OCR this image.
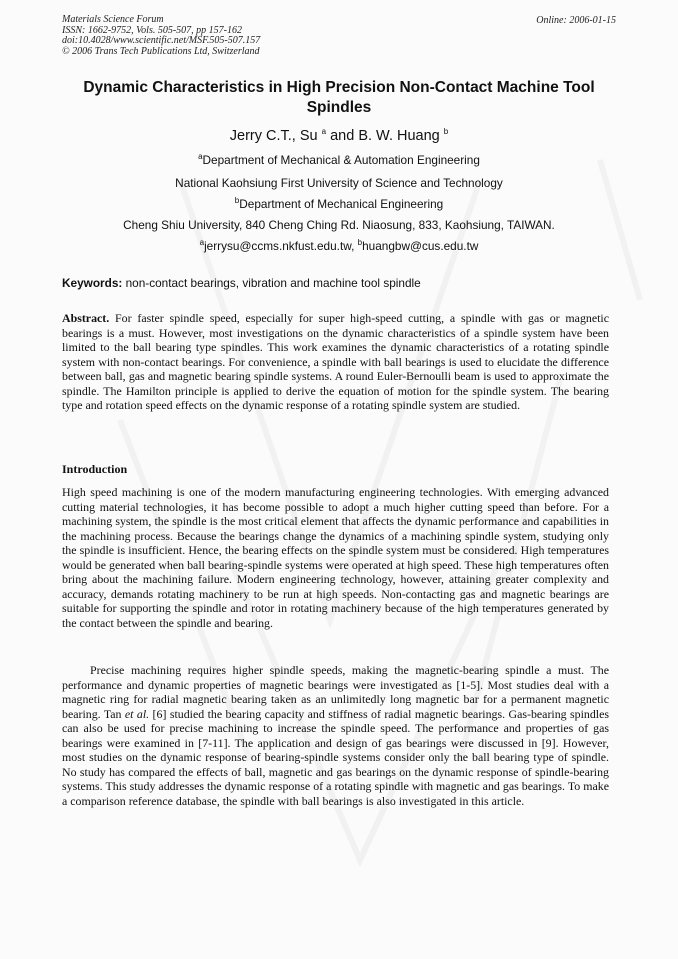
Materials Science Forum
ISSN: 1662-9752, Vols. 505-507, pp 157-162
doi:10.4028/www.scientific.net/MSF.505-507.157
© 2006 Trans Tech Publications Ltd, Switzerland
Online: 2006-01-15
Dynamic Characteristics in High Precision Non-Contact Machine Tool Spindles
Jerry C.T., Su $^a$ and B. W. Huang $^b$
$^a$Department of Mechanical & Automation Engineering
National Kaohsiung First University of Science and Technology
$^b$Department of Mechanical Engineering
Cheng Shiu University, 840 Cheng Ching Rd. Niaosung, 833, Kaohsiung, TAIWAN.
$^a$jerrysu@ccms.nkfust.edu.tw, $^b$huangbw@cus.edu.tw
Keywords: non-contact bearings, vibration and machine tool spindle
Abstract. For faster spindle speed, especially for super high-speed cutting, a spindle with gas or magnetic bearings is a must. However, most investigations on the dynamic characteristics of a spindle system have been limited to the ball bearing type spindles. This work examines the dynamic characteristics of a rotating spindle system with non-contact bearings. For convenience, a spindle with ball bearings is used to elucidate the difference between ball, gas and magnetic bearing spindle systems. A round Euler-Bernoulli beam is used to approximate the spindle. The Hamilton principle is applied to derive the equation of motion for the spindle system. The bearing type and rotation speed effects on the dynamic response of a rotating spindle system are studied.
Introduction
High speed machining is one of the modern manufacturing engineering technologies. With emerging advanced cutting material technologies, it has become possible to adopt a much higher cutting speed than before. For a machining system, the spindle is the most critical element that affects the dynamic performance and capabilities in the machining process. Because the bearings change the dynamics of a machining spindle system, studying only the spindle is insufficient. Hence, the bearing effects on the spindle system must be considered. High temperatures would be generated when ball bearing-spindle systems were operated at high speed. These high temperatures often bring about the machining failure. Modern engineering technology, however, attaining greater complexity and accuracy, demands rotating machinery to be run at high speeds. Non-contacting gas and magnetic bearings are suitable for supporting the spindle and rotor in rotating machinery because of the high temperatures generated by the contact between the spindle and bearing.
Precise machining requires higher spindle speeds, making the magnetic-bearing spindle a must. The performance and dynamic properties of magnetic bearings were investigated as [1-5]. Most studies deal with a magnetic ring for radial magnetic bearing taken as an unlimitedly long magnetic bar for a permanent magnetic bearing. Tan et al. [6] studied the bearing capacity and stiffness of radial magnetic bearings. Gas-bearing spindles can also be used for precise machining to increase the spindle speed. The performance and properties of gas bearings were examined in [7-11]. The application and design of gas bearings were discussed in [9]. However, most studies on the dynamic response of bearing-spindle systems consider only the ball bearing type of spindle. No study has compared the effects of ball, magnetic and gas bearings on the dynamic response of spindle-bearing systems. This study addresses the dynamic response of a rotating spindle with magnetic and gas bearings. To make a comparison reference database, the spindle with ball bearings is also investigated in this article.
